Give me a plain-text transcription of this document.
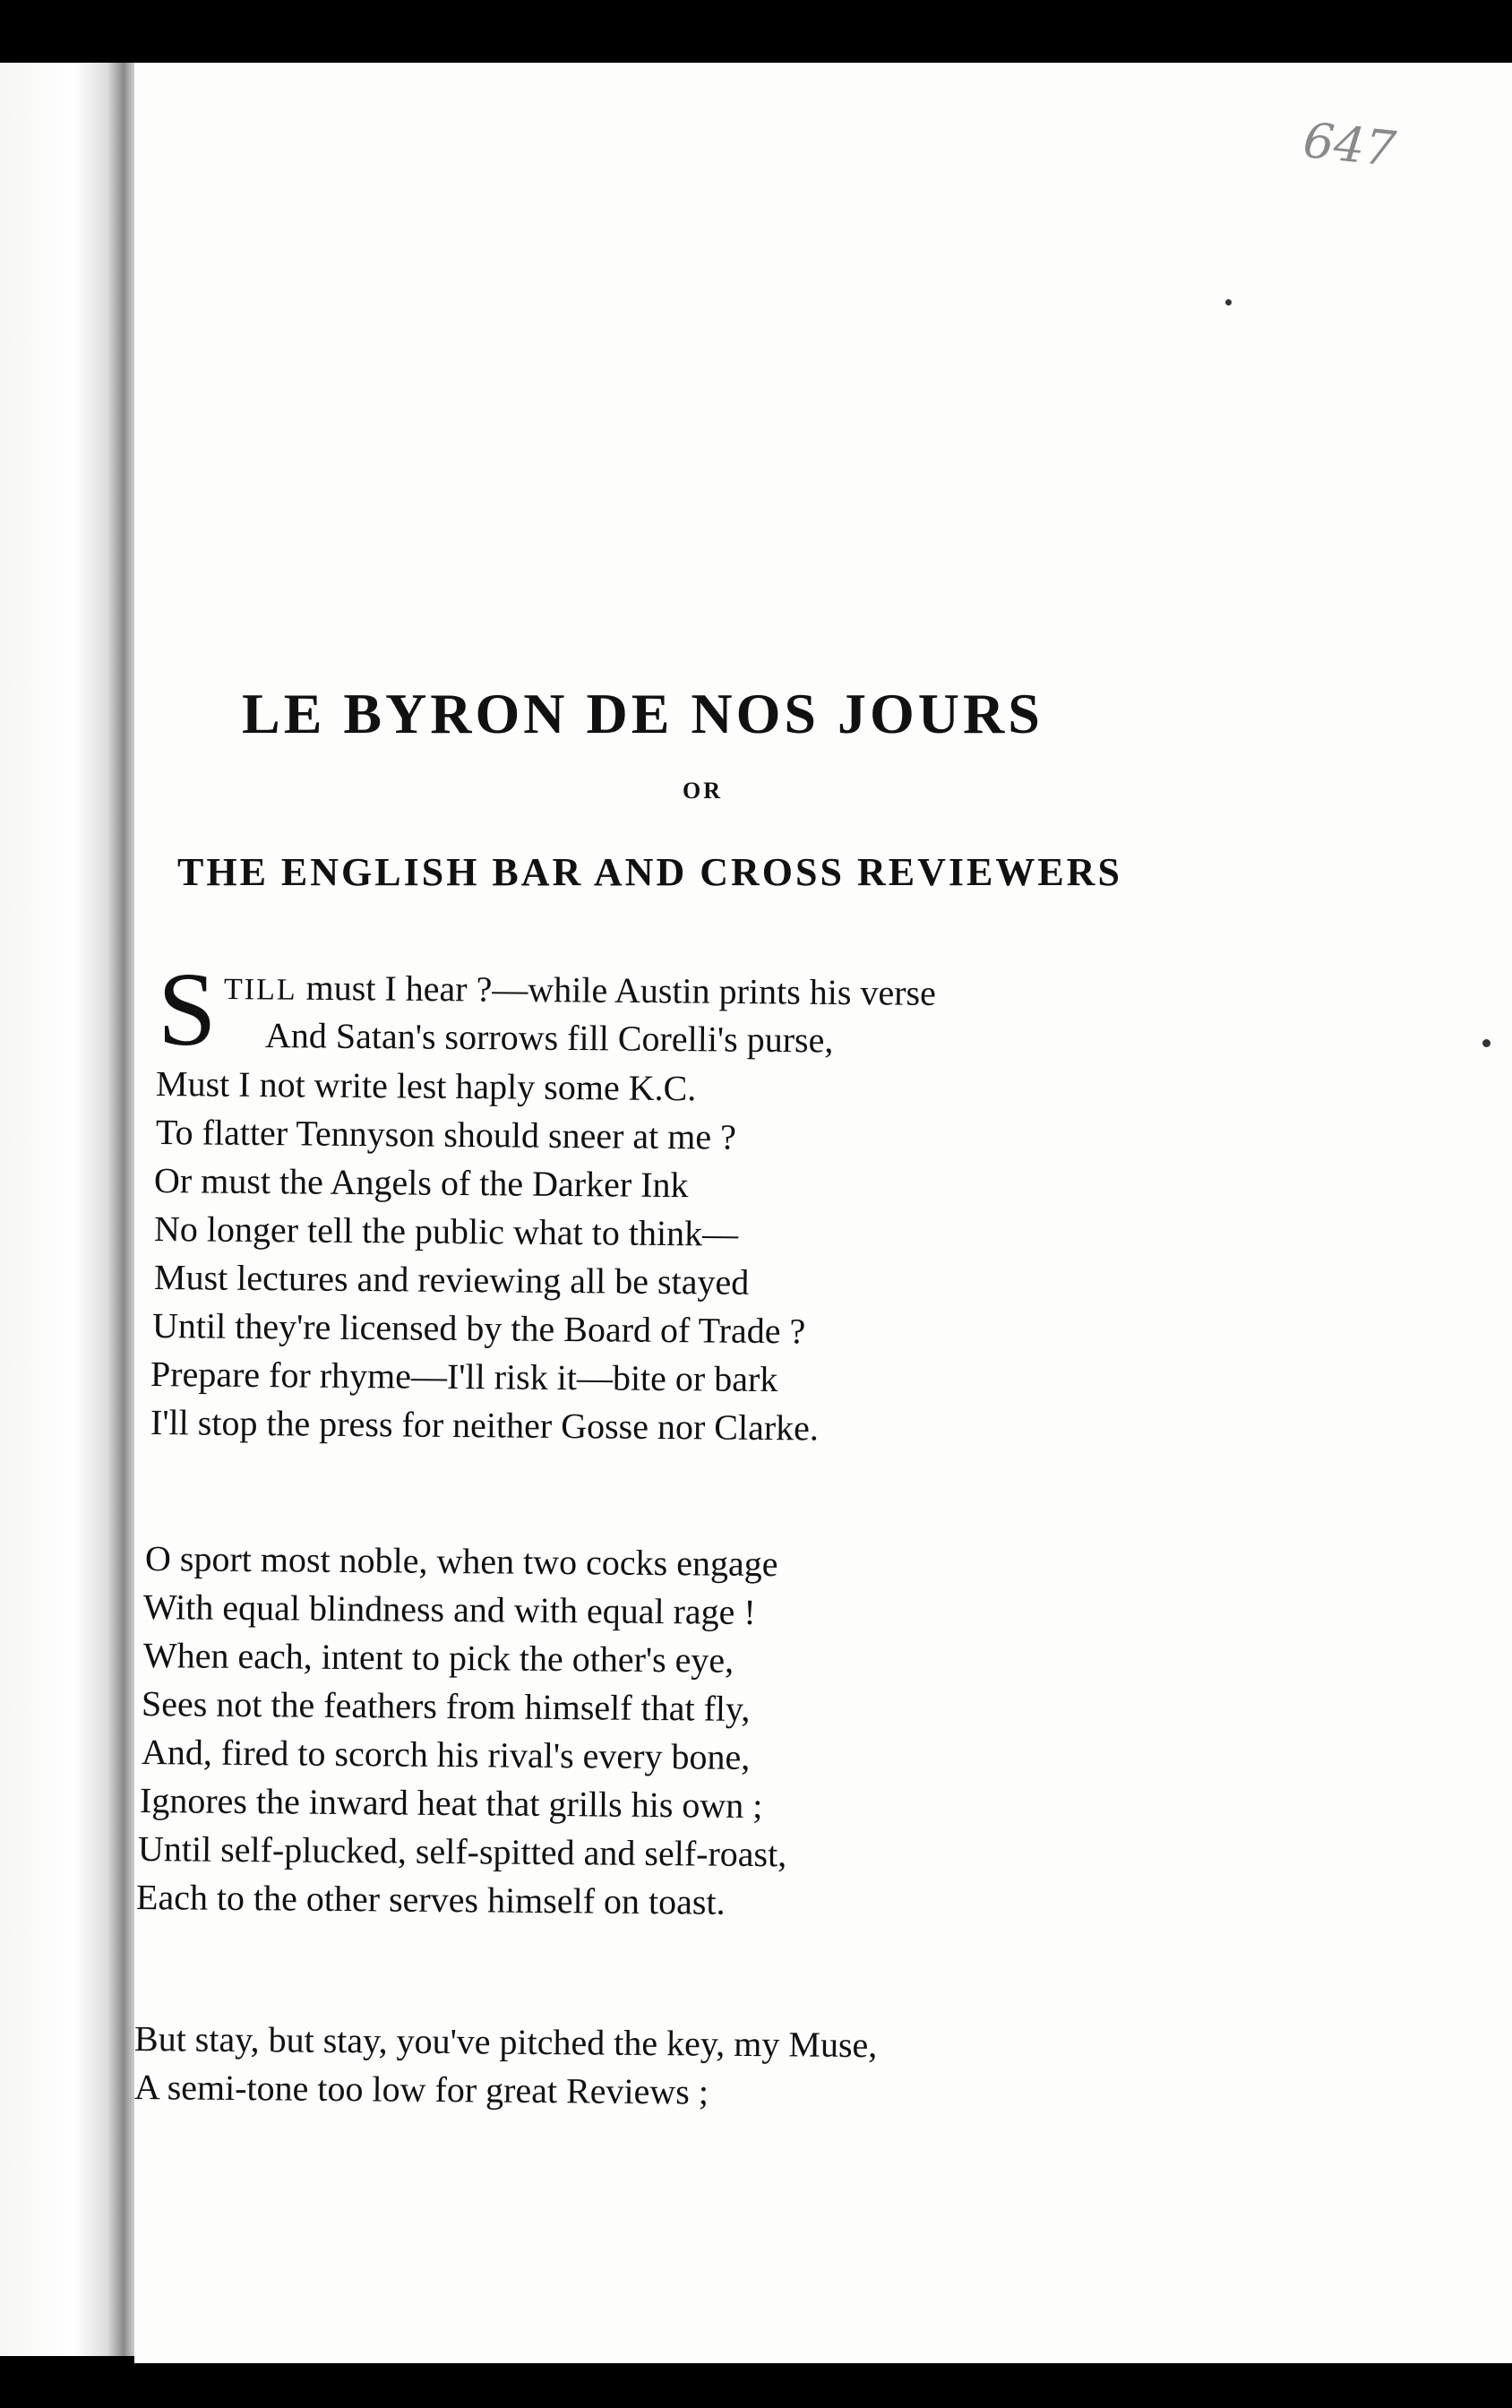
647
LE BYRON DE NOS JOURS
OR
THE ENGLISH BAR AND CROSS REVIEWERS
S TILL must I hear ?—while Austin prints his verse
And Satan's sorrows fill Corelli's purse,
Must I not write lest haply some K.C.
To flatter Tennyson should sneer at me ?
Or must the Angels of the Darker Ink
No longer tell the public what to think—
Must lectures and reviewing all be stayed
Until they're licensed by the Board of Trade ?
Prepare for rhyme—I'll risk it—bite or bark
I'll stop the press for neither Gosse nor Clarke.
O sport most noble, when two cocks engage
With equal blindness and with equal rage !
When each, intent to pick the other's eye,
Sees not the feathers from himself that fly,
And, fired to scorch his rival's every bone,
Ignores the inward heat that grills his own ;
Until self-plucked, self-spitted and self-roast,
Each to the other serves himself on toast.
But stay, but stay, you've pitched the key, my Muse,
A semi-tone too low for great Reviews ;
